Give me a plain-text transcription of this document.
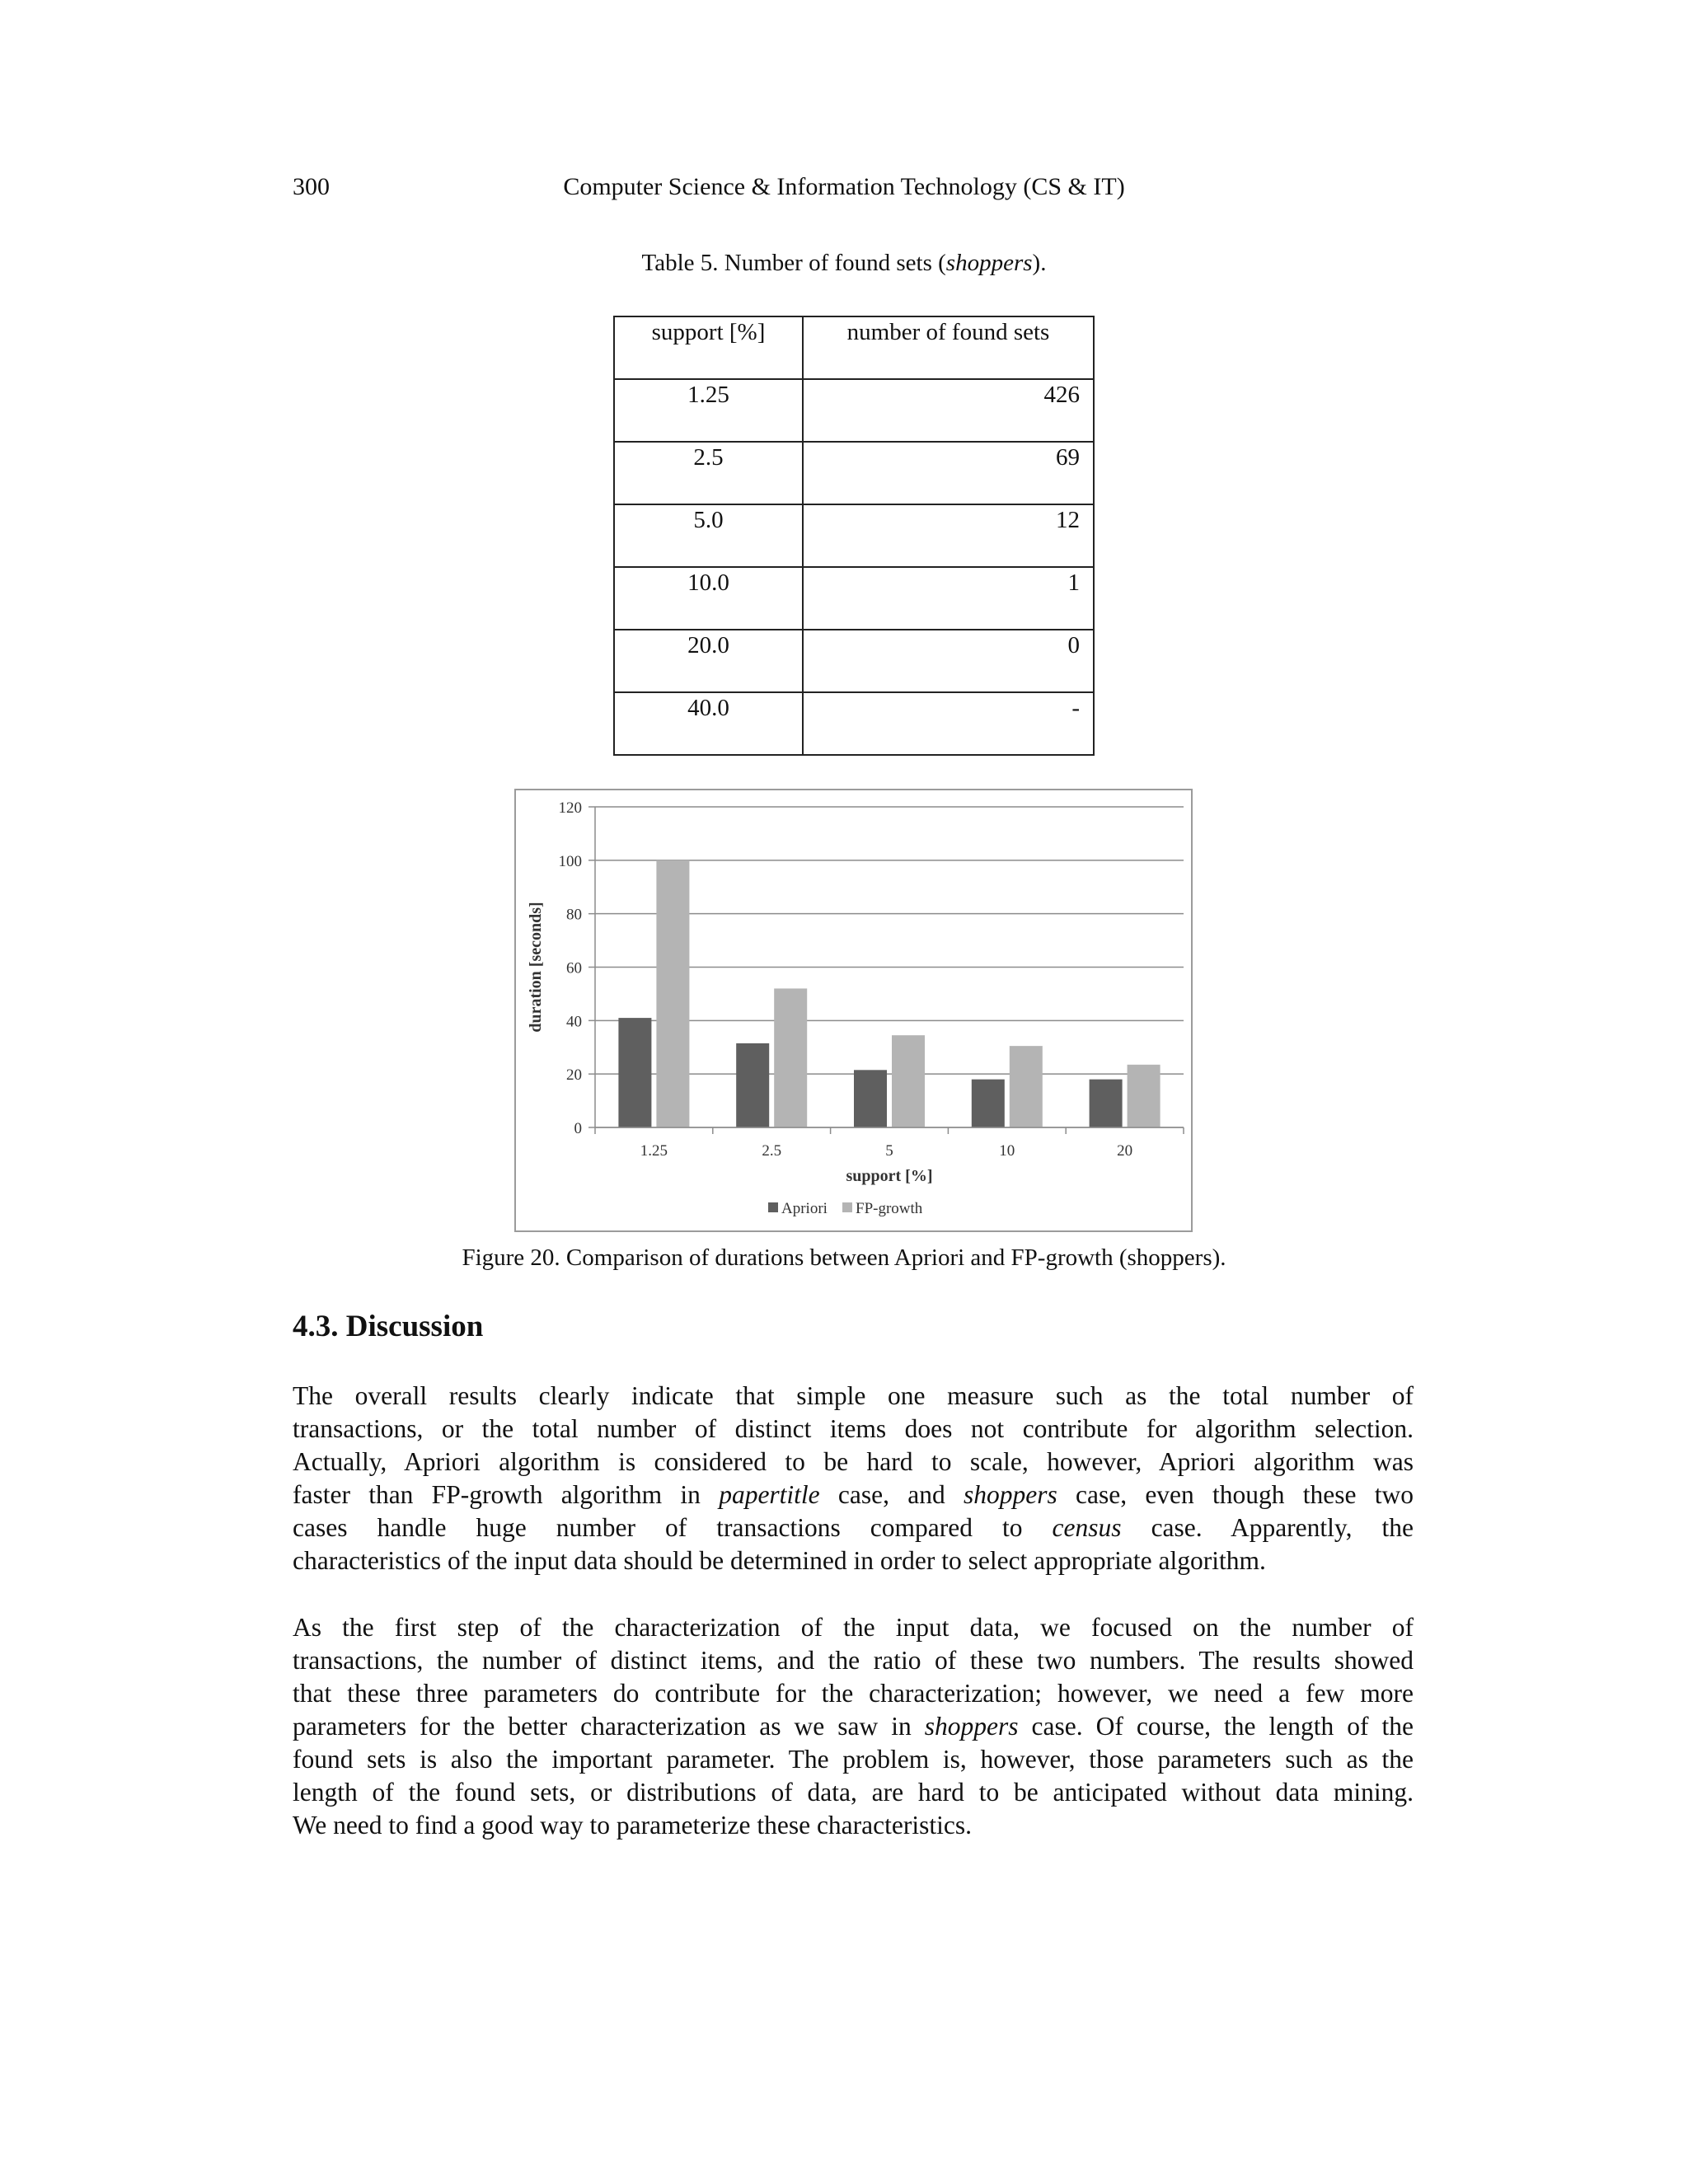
300	Computer Science & Information Technology (CS & IT)
Table 5. Number of found sets (shoppers).
support [%]	number of found sets
1.25	426
2.5	69
5.0	12
10.0	1
20.0	0
40.0	-
0
20
40
60
80
100
120
1.25	2.5	5	10	20
support [%]
duration [seconds]
Apriori FP-growth
Figure 20. Comparison of durations between Apriori and FP-growth (shoppers).
4.3. Discussion
The overall results clearly indicate that simple one measure such as the total number of
transactions, or the total number of distinct items does not contribute for algorithm selection.
Actually, Apriori algorithm is considered to be hard to scale, however, Apriori algorithm was
faster than FP-growth algorithm in papertitle case, and shoppers case, even though these two
cases handle huge number of transactions compared to census case. Apparently, the
characteristics of the input data should be determined in order to select appropriate algorithm.
As the first step of the characterization of the input data, we focused on the number of
transactions, the number of distinct items, and the ratio of these two numbers. The results showed
that these three parameters do contribute for the characterization; however, we need a few more
parameters for the better characterization as we saw in shoppers case. Of course, the length of the
found sets is also the important parameter. The problem is, however, those parameters such as the
length of the found sets, or distributions of data, are hard to be anticipated without data mining.
We need to find a good way to parameterize these characteristics.
